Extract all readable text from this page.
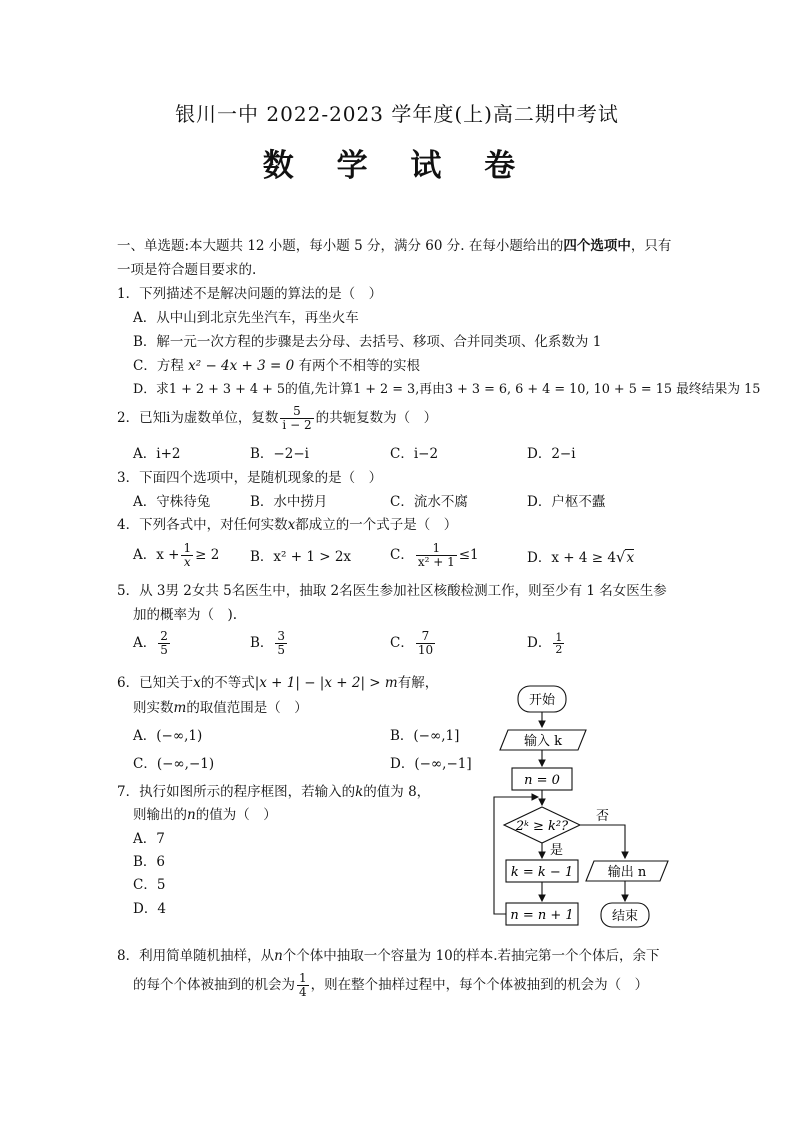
银川一中 2022-2023 学年度(上)高二期中考试
数 学 试 卷
一、单选题:本大题共 12 小题，每小题 5 分，满分 60 分. 在每小题给出的四个选项中，只有
一项是符合题目要求的.
1．下列描述不是解决问题的算法的是（　）
A．从中山到北京先坐汽车，再坐火车
B．解一元一次方程的步骤是去分母、去括号、移项、合并同类项、化系数为 1
C．方程 x² − 4x + 3 = 0 有两个不相等的实根
D．求1 + 2 + 3 + 4 + 5的值,先计算1 + 2 = 3,再由3 + 3 = 6, 6 + 4 = 10, 10 + 5 = 15 最终结果为 15
2．已知i为虚数单位，复数 $\frac{5}{i - 2}$ 的共轭复数为（　）
A．i+2	B．−2−i	C．i−2	D．2−i
3．下面四个选项中，是随机现象的是（　）
A．守株待兔	B．水中捞月	C．流水不腐	D．户枢不蠹
4．下列各式中，对任何实数x都成立的一个式子是（　）
A．$x + \frac{1}{x} \ge 2$ B．x² + 1 > 2x	C． $\frac{1}{\text{x² + 1}} \le 1$	D．x + 4 ≥ 4√x
5．从 3男 2女共 5名医生中，抽取 2名医生参加社区核酸检测工作，则至少有 1 名女医生参
加的概率为（　).
A． $\frac{2}{5}$	B． $\frac{3}{5}$	C． $\frac{7}{10}$	D． $\frac{1}{2}$
6．已知关于x的不等式|x + 1| − |x + 2| > m有解，
则实数m的取值范围是（　）
A．(−∞,1)	B．(−∞,1]
C．(−∞,−1)	D．(−∞,−1]
7．执行如图所示的程序框图，若输入的k的值为 8，
则输出的n的值为（　）
A．7
B．6
C．5
D．4
开始
输入 k
n = 0
2ᵏ ≥ k²?
否
是
k = k − 1
n = n + 1
输出 n
结束
8．利用简单随机抽样，从n个个体中抽取一个容量为 10的样本.若抽完第一个个体后，余下
的每个个体被抽到的机会为 $\frac{1}{4}$ ，则在整个抽样过程中，每个个体被抽到的机会为（　）
